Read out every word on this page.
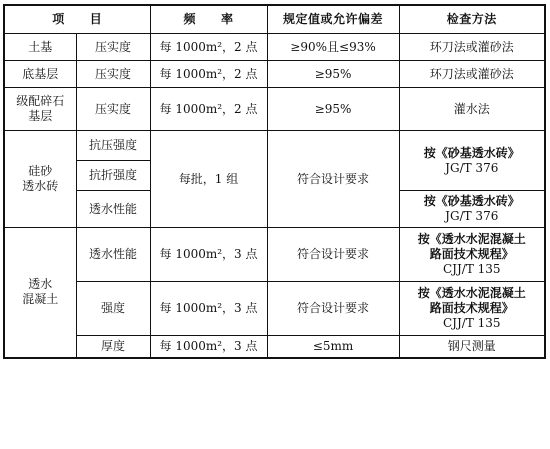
项　　目		频　　率	规定值或允许偏差	检查方法
土基	压实度	每 1000m²，2 点	≥90%且≤93%	环刀法或灌砂法
底基层	压实度	每 1000m²，2 点	≥95%	环刀法或灌砂法

级配碎石
基层	压实度	每 1000m²，2 点	≥95%	灌水法

硅砂
透水砖	抗压强度	每批，1 组	符合设计要求	按《砂基透水砖》
JG/T 376

	抗折强度			
	透水性能			按《砂基透水砖》
JG/T 376

透水
混凝土	透水性能	每 1000m²，3 点	符合设计要求	按《透水水泥混凝土
路面技术规程》
CJJ/T 135

	强度	每 1000m²，3 点	符合设计要求	按《透水水泥混凝土
路面技术规程》
CJJ/T 135

	厚度	每 1000m²，3 点	≤5mm	钢尺测量
